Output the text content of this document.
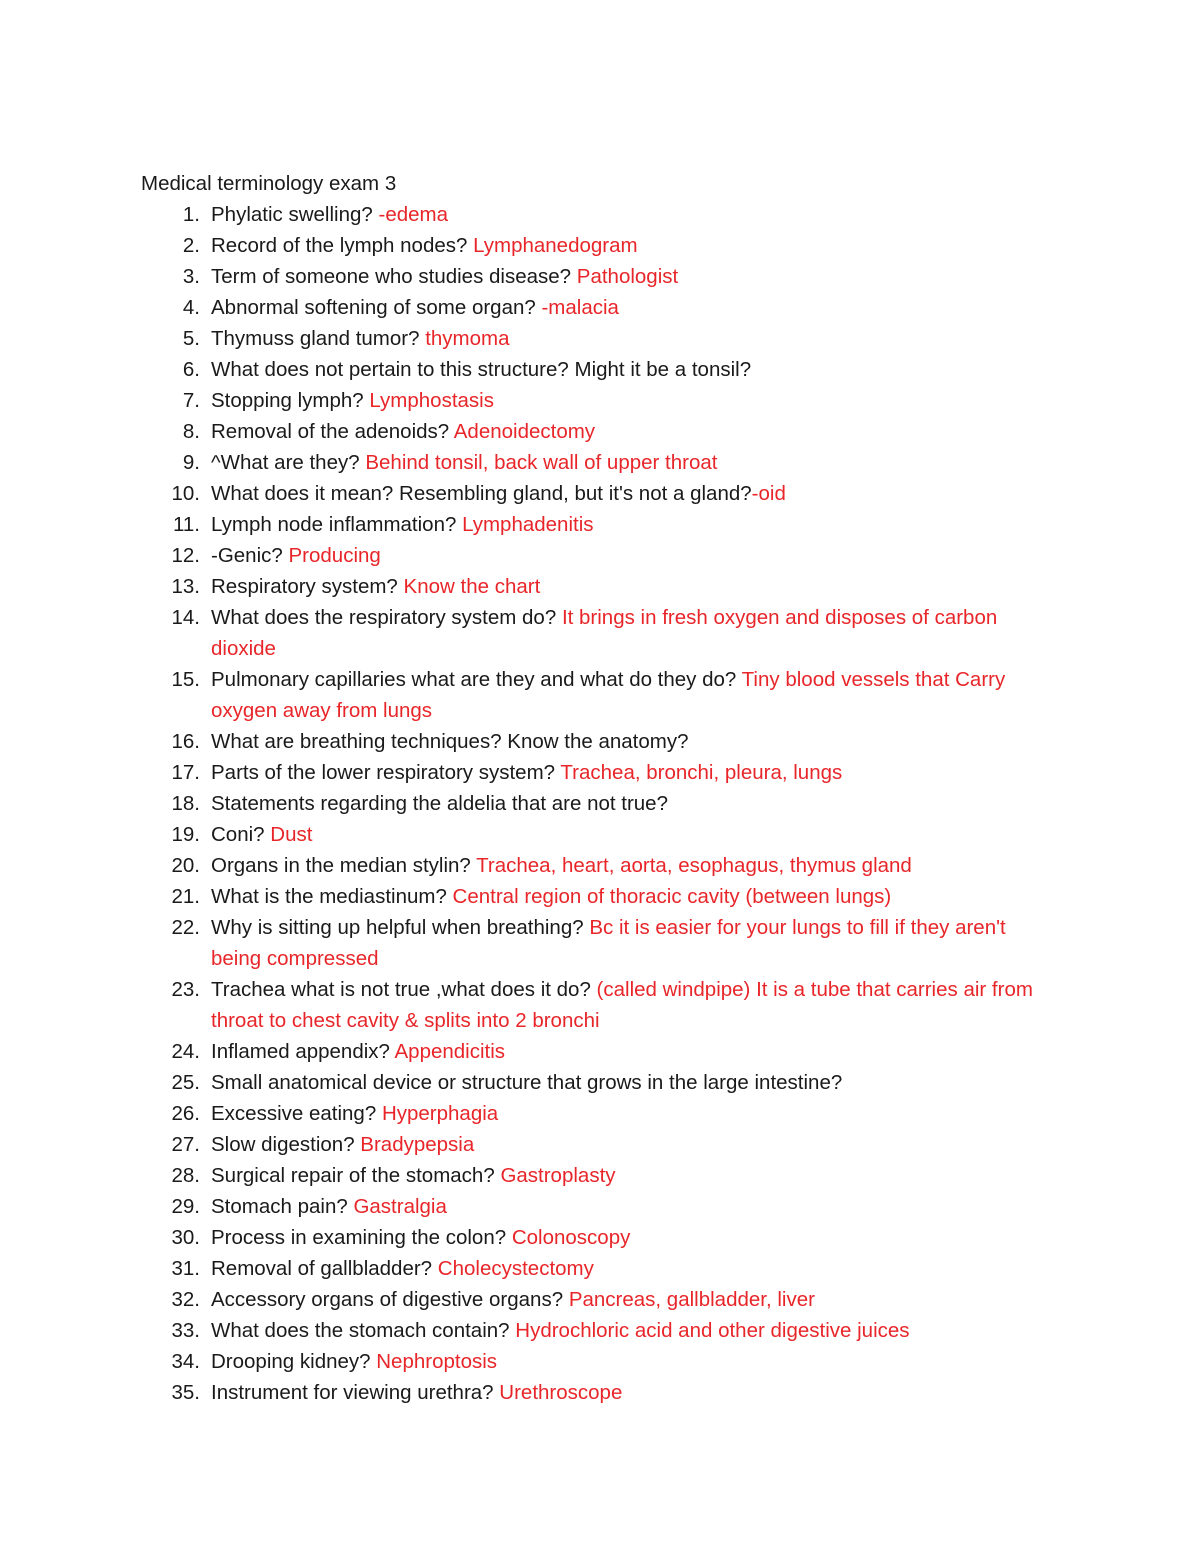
Medical terminology exam 3
1. Phylatic swelling? -edema
2. Record of the lymph nodes? Lymphanedogram
3. Term of someone who studies disease? Pathologist
4. Abnormal softening of some organ? -malacia
5. Thymuss gland tumor? thymoma
6. What does not pertain to this structure? Might it be a tonsil?
7. Stopping lymph? Lymphostasis
8. Removal of the adenoids? Adenoidectomy
9. ^What are they? Behind tonsil, back wall of upper throat
10. What does it mean? Resembling gland, but it's not a gland?-oid
11. Lymph node inflammation? Lymphadenitis
12. -Genic? Producing
13. Respiratory system? Know the chart
14. What does the respiratory system do? It brings in fresh oxygen and disposes of carbon dioxide
15. Pulmonary capillaries what are they and what do they do? Tiny blood vessels that Carry oxygen away from lungs
16. What are breathing techniques? Know the anatomy?
17. Parts of the lower respiratory system? Trachea, bronchi, pleura, lungs
18. Statements regarding the aldelia that are not true?
19. Coni? Dust
20. Organs in the median stylin? Trachea, heart, aorta, esophagus, thymus gland
21. What is the mediastinum? Central region of thoracic cavity (between lungs)
22. Why is sitting up helpful when breathing? Bc it is easier for your lungs to fill if they aren't being compressed
23. Trachea what is not true ,what does it do? (called windpipe) It is a tube that carries air from throat to chest cavity & splits into 2 bronchi
24. Inflamed appendix? Appendicitis
25. Small anatomical device or structure that grows in the large intestine?
26. Excessive eating? Hyperphagia
27. Slow digestion? Bradypepsia
28. Surgical repair of the stomach? Gastroplasty
29. Stomach pain? Gastralgia
30. Process in examining the colon? Colonoscopy
31. Removal of gallbladder? Cholecystectomy
32. Accessory organs of digestive organs? Pancreas, gallbladder, liver
33. What does the stomach contain? Hydrochloric acid and other digestive juices
34. Drooping kidney? Nephroptosis
35. Instrument for viewing urethra? Urethroscope
